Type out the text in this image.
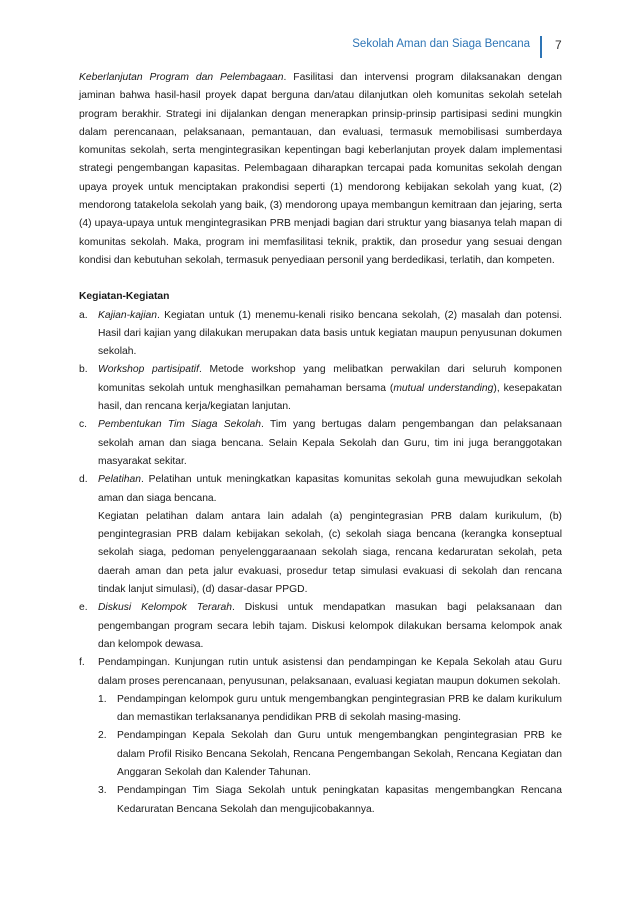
Sekolah Aman dan Siaga Bencana 7

Keberlanjutan Program dan Pelembagaan. Fasilitasi dan intervensi program dilaksanakan dengan jaminan bahwa hasil-hasil proyek dapat berguna dan/atau dilanjutkan oleh komunitas sekolah setelah program berakhir. Strategi ini dijalankan dengan menerapkan prinsip-prinsip partisipasi sedini mungkin dalam perencanaan, pelaksanaan, pemantauan, dan evaluasi, termasuk memobilisasi sumberdaya komunitas sekolah, serta mengintegrasikan kepentingan bagi keberlanjutan proyek dalam implementasi strategi pengembangan kapasitas. Pelembagaan diharapkan tercapai pada komunitas sekolah dengan upaya proyek untuk menciptakan prakondisi seperti (1) mendorong kebijakan sekolah yang kuat, (2) mendorong tatakelola sekolah yang baik, (3) mendorong upaya membangun kemitraan dan jejaring, serta (4) upaya-upaya untuk mengintegrasikan PRB menjadi bagian dari struktur yang biasanya telah mapan di komunitas sekolah. Maka, program ini memfasilitasi teknik, praktik, dan prosedur yang sesuai dengan kondisi dan kebutuhan sekolah, termasuk penyediaan personil yang berdedikasi, terlatih, dan kompeten.

Kegiatan-Kegiatan
a. Kajian-kajian. Kegiatan untuk (1) menemu-kenali risiko bencana sekolah, (2) masalah dan potensi. Hasil dari kajian yang dilakukan merupakan data basis untuk kegiatan maupun penyusunan dokumen sekolah.
b. Workshop partisipatif. Metode workshop yang melibatkan perwakilan dari seluruh komponen komunitas sekolah untuk menghasilkan pemahaman bersama (mutual understanding), kesepakatan hasil, dan rencana kerja/kegiatan lanjutan.
c. Pembentukan Tim Siaga Sekolah. Tim yang bertugas dalam pengembangan dan pelaksanaan sekolah aman dan siaga bencana. Selain Kepala Sekolah dan Guru, tim ini juga beranggotakan masyarakat sekitar.
d. Pelatihan. Pelatihan untuk meningkatkan kapasitas komunitas sekolah guna mewujudkan sekolah aman dan siaga bencana.

Kegiatan pelatihan dalam antara lain adalah (a) pengintegrasian PRB dalam kurikulum, (b) pengintegrasian PRB dalam kebijakan sekolah, (c) sekolah siaga bencana (kerangka konseptual sekolah siaga, pedoman penyelenggaraanaan sekolah siaga, rencana kedaruratan sekolah, peta daerah aman dan peta jalur evakuasi, prosedur tetap simulasi evakuasi di sekolah dan rencana tindak lanjut simulasi), (d) dasar-dasar PPGD.

e. Diskusi Kelompok Terarah. Diskusi untuk mendapatkan masukan bagi pelaksanaan dan pengembangan program secara lebih tajam. Diskusi kelompok dilakukan bersama kelompok anak dan kelompok dewasa.
f. Pendampingan. Kunjungan rutin untuk asistensi dan pendampingan ke Kepala Sekolah atau Guru dalam proses perencanaan, penyusunan, pelaksanaan, evaluasi kegiatan maupun dokumen sekolah.
1. Pendampingan kelompok guru untuk mengembangkan pengintegrasian PRB ke dalam kurikulum dan memastikan terlaksananya pendidikan PRB di sekolah masing-masing.
2. Pendampingan Kepala Sekolah dan Guru untuk mengembangkan pengintegrasian PRB ke dalam Profil Risiko Bencana Sekolah, Rencana Pengembangan Sekolah, Rencana Kegiatan dan Anggaran Sekolah dan Kalender Tahunan.
3. Pendampingan Tim Siaga Sekolah untuk peningkatan kapasitas mengembangkan Rencana Kedaruratan Bencana Sekolah dan mengujicobakannya.
